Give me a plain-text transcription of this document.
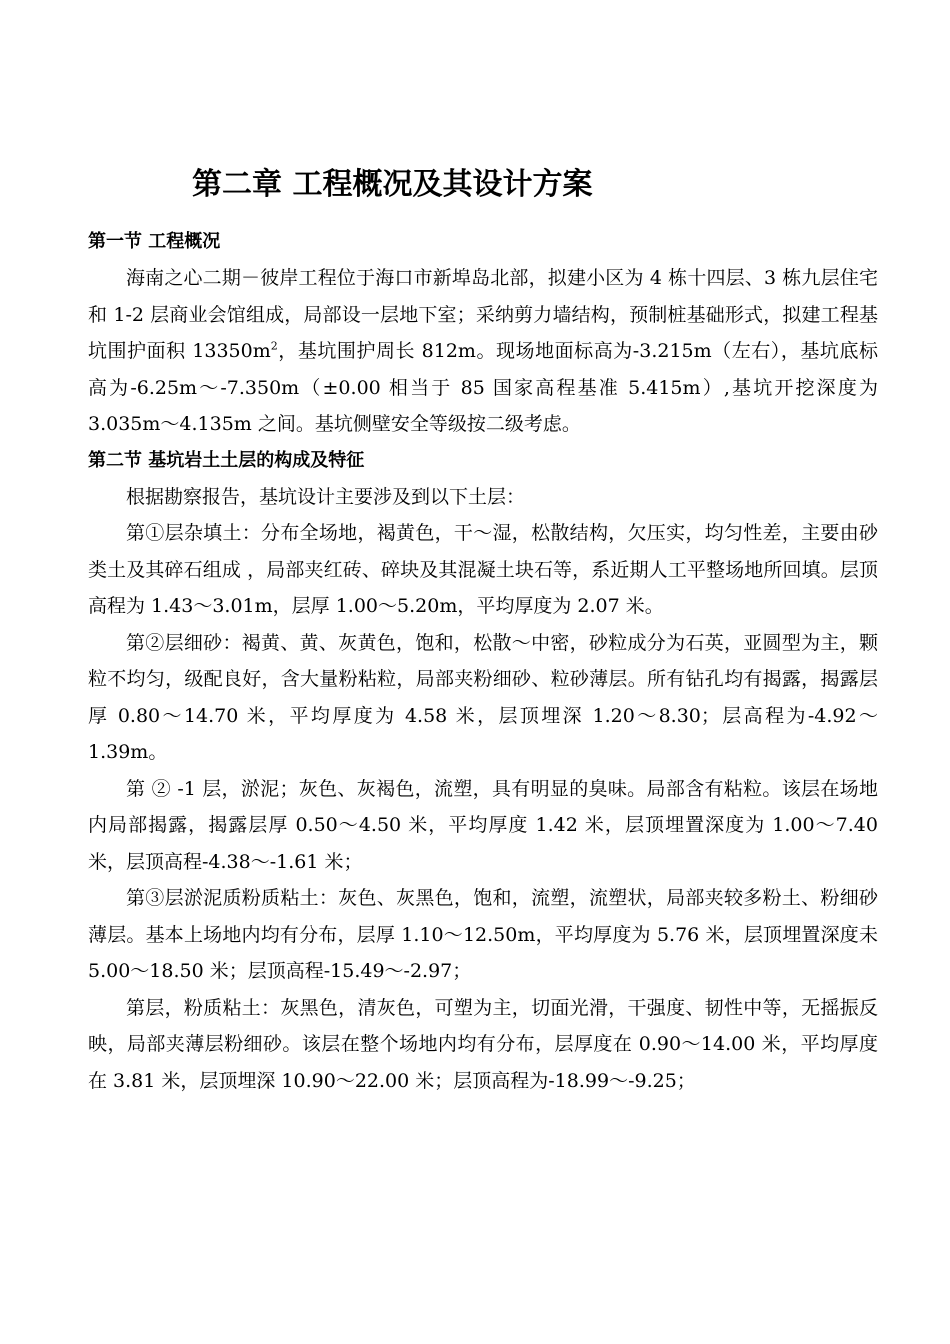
第二章 工程概况及其设计方案
第一节 工程概况

海南之心二期－彼岸工程位于海口市新埠岛北部，拟建小区为 4 栋十四层、3 栋九层住宅和 1-2 层商业会馆组成，局部设一层地下室；采纳剪力墙结构，预制桩基础形式，拟建工程基坑围护面积 $13350m^2$，基坑围护周长 812m。现场地面标高为-3.215m（左右），基坑底标高为-6.25m～-7.350m（±0.00 相当于 85 国家高程基准 5.415m）,基坑开挖深度为 3.035m～4.135m 之间。基坑侧壁安全等级按二级考虑。

第二节 基坑岩土土层的构成及特征

根据勘察报告，基坑设计主要涉及到以下土层：

第①层杂填土：分布全场地，褐黄色，干～湿，松散结构，欠压实，均匀性差，主要由砂类土及其碎石组成 ，局部夹红砖、碎块及其混凝土块石等，系近期人工平整场地所回填。层顶高程为 1.43～3.01m，层厚 1.00～5.20m，平均厚度为 2.07 米。

第②层细砂：褐黄、黄、灰黄色，饱和，松散～中密，砂粒成分为石英，亚圆型为主，颗粒不均匀，级配良好，含大量粉粘粒，局部夹粉细砂、粒砂薄层。所有钻孔均有揭露，揭露层厚 0.80～14.70 米，平均厚度为 4.58 米，层顶埋深 1.20～8.30；层高程为-4.92～1.39m。

第 ② -1 层，淤泥；灰色、灰褐色，流塑，具有明显的臭味。局部含有粘粒。该层在场地内局部揭露，揭露层厚 0.50～4.50 米，平均厚度 1.42 米，层顶埋置深度为 1.00～7.40 米，层顶高程-4.38～-1.61 米；

第③层淤泥质粉质粘土：灰色、灰黑色，饱和，流塑，流塑状，局部夹较多粉土、粉细砂薄层。基本上场地内均有分布，层厚 1.10～12.50m，平均厚度为 5.76 米，层顶埋置深度未 5.00～18.50 米；层顶高程-15.49～-2.97；

第层，粉质粘土：灰黑色，清灰色，可塑为主，切面光滑，干强度、韧性中等，无摇振反映，局部夹薄层粉细砂。该层在整个场地内均有分布，层厚度在 0.90～14.00 米，平均厚度在 3.81 米，层顶埋深 10.90～22.00 米；层顶高程为-18.99～-9.25；
